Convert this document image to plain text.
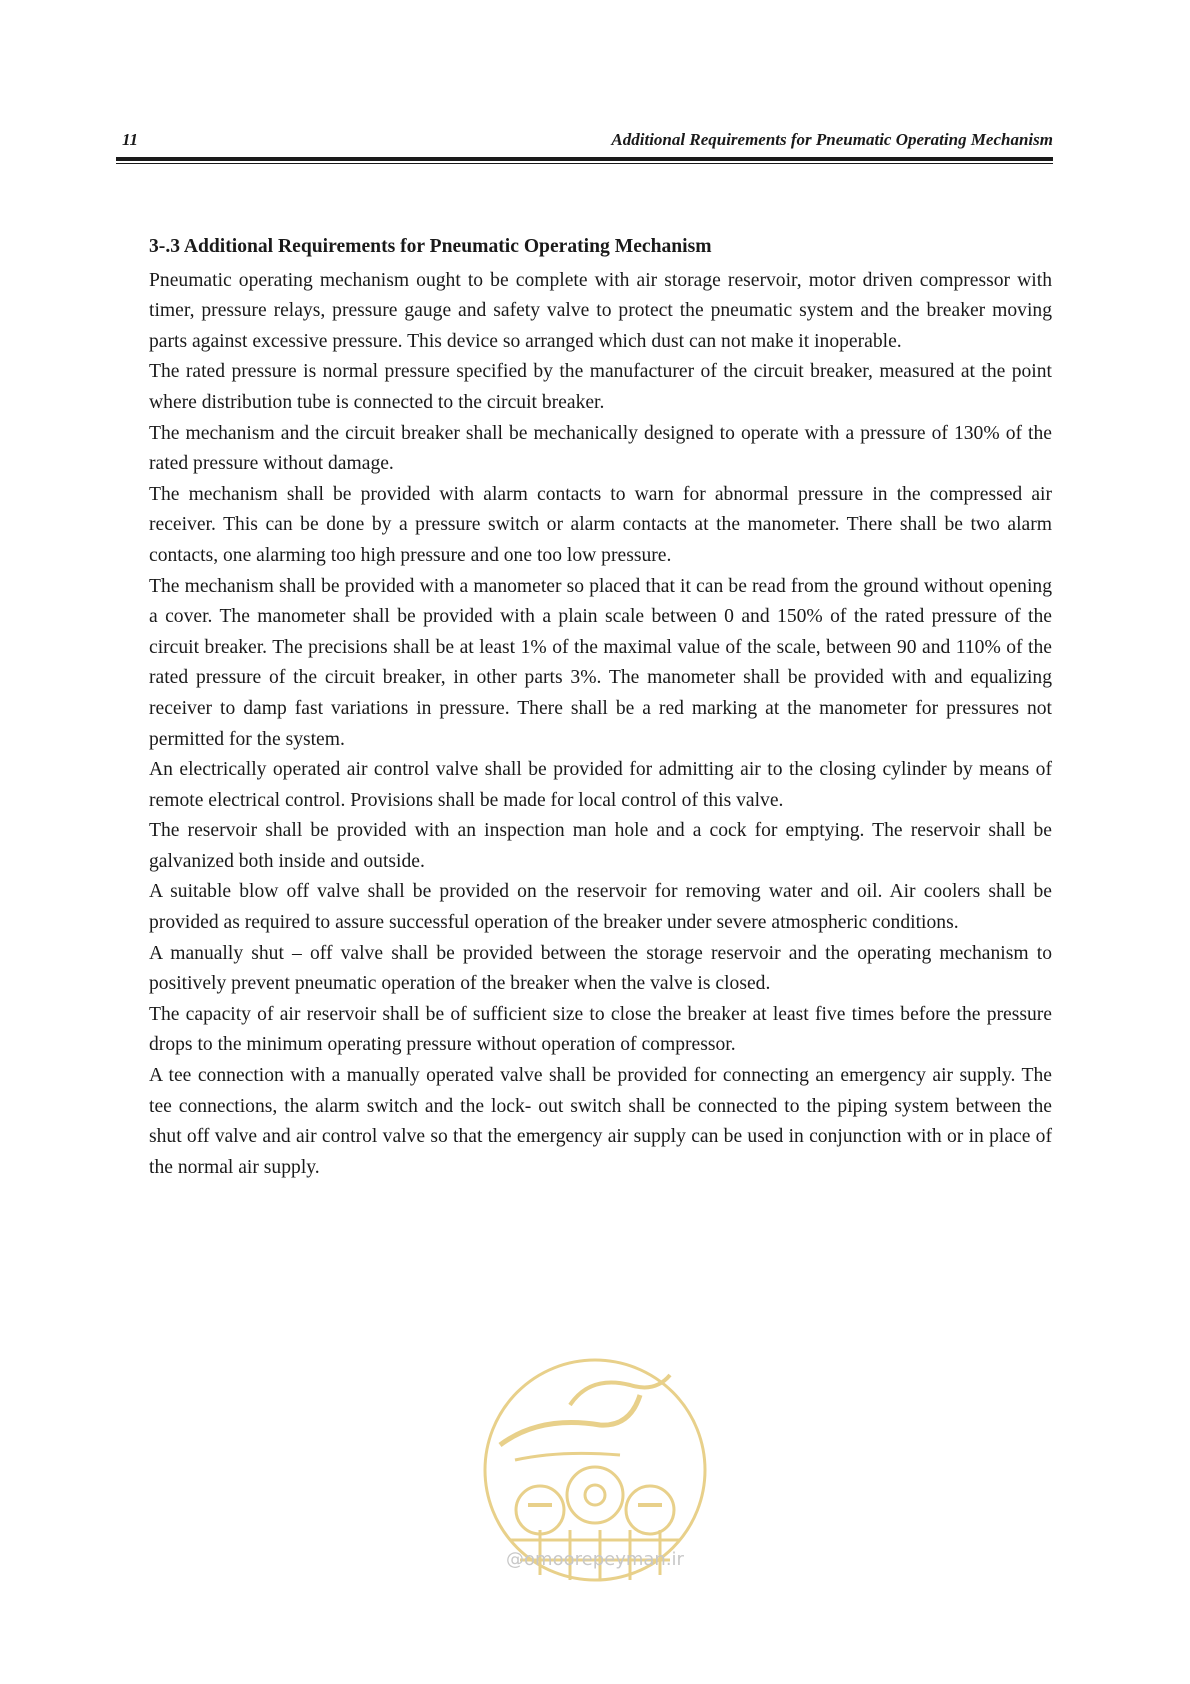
11	Additional Requirements for Pneumatic Operating Mechanism

3-.3 Additional Requirements for Pneumatic Operating Mechanism

Pneumatic operating mechanism ought to be complete with air storage reservoir, motor driven compressor with timer, pressure relays, pressure gauge and safety valve to protect the pneumatic system and the breaker moving parts against excessive pressure. This device so arranged which dust can not make it inoperable.

The rated pressure is normal pressure specified by the manufacturer of the circuit breaker, measured at the point where distribution tube is connected to the circuit breaker.

The mechanism and the circuit breaker shall be mechanically designed to operate with a pressure of 130% of the rated pressure without damage.

The mechanism shall be provided with alarm contacts to warn for abnormal pressure in the compressed air receiver. This can be done by a pressure switch or alarm contacts at the manometer. There shall be two alarm contacts, one alarming too high pressure and one too low pressure.

The mechanism shall be provided with a manometer so placed that it can be read from the ground without opening a cover. The manometer shall be provided with a plain scale between 0 and 150% of the rated pressure of the circuit breaker. The precisions shall be at least 1% of the maximal value of the scale, between 90 and 110% of the rated pressure of the circuit breaker, in other parts 3%. The manometer shall be provided with and equalizing receiver to damp fast variations in pressure. There shall be a red marking at the manometer for pressures not permitted for the system.

An electrically operated air control valve shall be provided for admitting air to the closing cylinder by means of remote electrical control. Provisions shall be made for local control of this valve.

The reservoir shall be provided with an inspection man hole and a cock for emptying. The reservoir shall be galvanized both inside and outside.

A suitable blow off valve shall be provided on the reservoir for removing water and oil. Air coolers shall be provided as required to assure successful operation of the breaker under severe atmospheric conditions.

A manually shut – off valve shall be provided between the storage reservoir and the operating mechanism to positively prevent pneumatic operation of the breaker when the valve is closed.

The capacity of air reservoir shall be of sufficient size to close the breaker at least five times before the pressure drops to the minimum operating pressure without operation of compressor.

A tee connection with a manually operated valve shall be provided for connecting an emergency air supply. The tee connections, the alarm switch and the lock- out switch shall be connected to the piping system between the shut off valve and air control valve so that the emergency air supply can be used in conjunction with or in place of the normal air supply.

@omoorepeyman.ir
